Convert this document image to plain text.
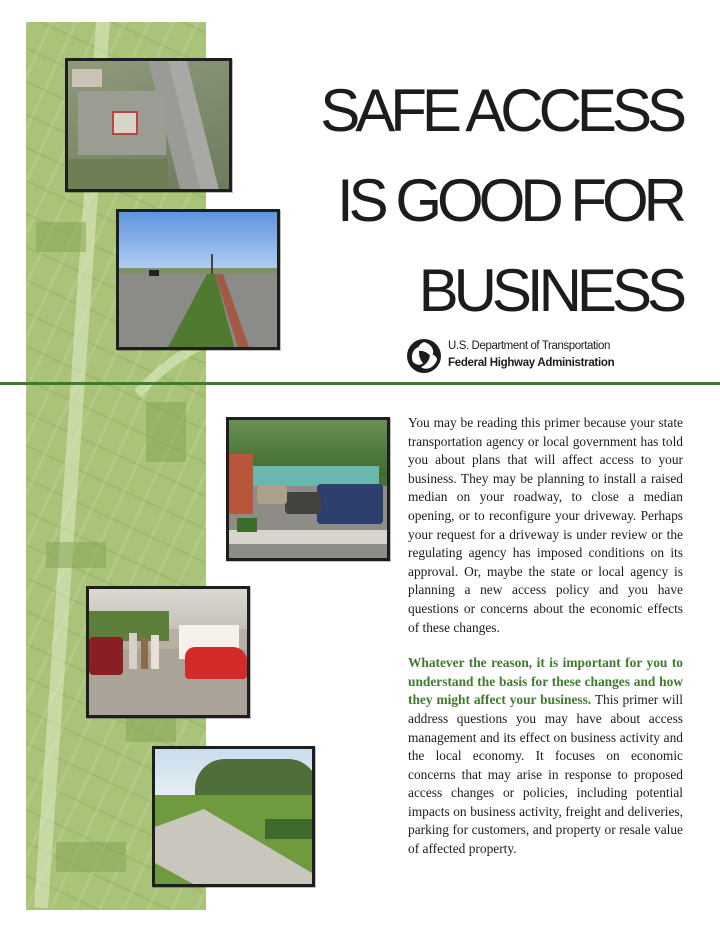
SAFE ACCESS
IS GOOD FOR
BUSINESS
U.S. Department of Transportation
Federal Highway Administration

You may be reading this primer because your state transportation agency or local government has told you about plans that will affect access to your business. They may be planning to install a raised median on your roadway, to close a median opening, or to reconfigure your driveway. Perhaps your request for a driveway is under review or the regulating agency has imposed conditions on its approval. Or, maybe the state or local agency is planning a new access policy and you have questions or concerns about the economic effects of these changes.

Whatever the reason, it is important for you to understand the basis for these changes and how they might affect your business. This primer will address questions you may have about access management and its effect on business activity and the local economy. It focuses on economic concerns that may arise in response to proposed access changes or policies, including potential impacts on business activity, freight and deliveries, parking for customers, and property or resale value of affected property.
